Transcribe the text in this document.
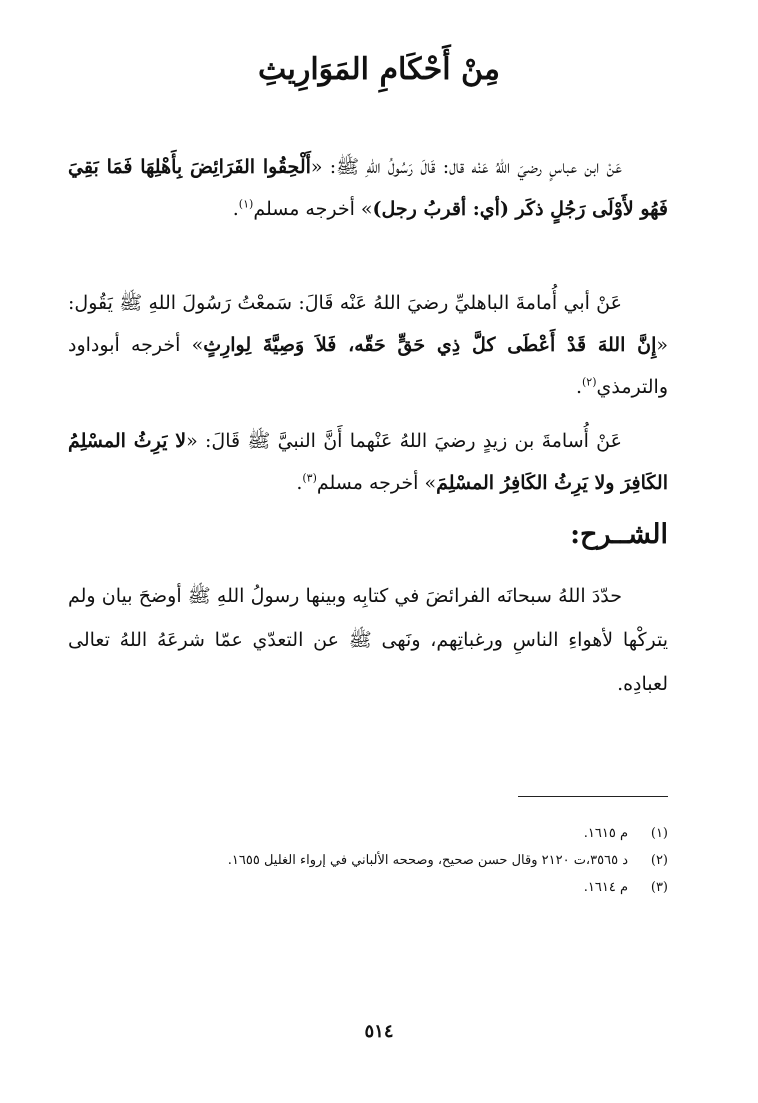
مِنْ أَحْكَامِ المَوَارِيثِ

عَنْ ابن عباسٍ رضيَ اللهُ عَنْه قال: قَالَ رَسُولُ اللهِ ﷺ: «أَلْحِقُوا الفَرَائِضَ بِأَهْلِهَا فَمَا بَقِيَ فَهُو لأَوْلَى رَجُلٍ ذكَر (أي: أقربُ رجل)» أخرجه مسلم$^{(١)}$.

عَنْ أبي أُمامةَ الباهليِّ رضيَ اللهُ عَنْه قَالَ: سَمعْتُ رَسُولَ اللهِ ﷺ يَقُول: «إِنَّ اللهَ قَدْ أَعْطَى كلَّ ذِي حَقٍّ حَقّه، فَلاَ وَصِيَّةَ لِوارِثٍ» أخرجه أبوداود والترمذي$^{(٢)}$.

عَنْ أُسامةَ بن زيدٍ رضيَ اللهُ عَنْهما أَنَّ النبيَّ ﷺ قَالَ: «لا يَرِثُ المسْلِمُ الكَافِرَ ولا يَرِثُ الكَافِرُ المسْلِمَ» أخرجه مسلم$^{(٣)}$.

الشــرح:

حدّدَ اللهُ سبحانَه الفرائضَ في كتابِه وبينها رسولُ اللهِ ﷺ أوضحَ بيان ولم يتركْها لأهواءِ الناسِ ورغباتِهم، ونَهى ﷺ عن التعدّي عمّا شرعَهُ اللهُ تعالى لعبادِه.

(١)
م ١٦١٥.
(٢)
د ٣٥٦٥،ت ٢١٢٠ وقال حسن صحيح، وصححه الألباني في إرواء الغليل ١٦٥٥.
(٣)
م ١٦١٤.
٥١٤
